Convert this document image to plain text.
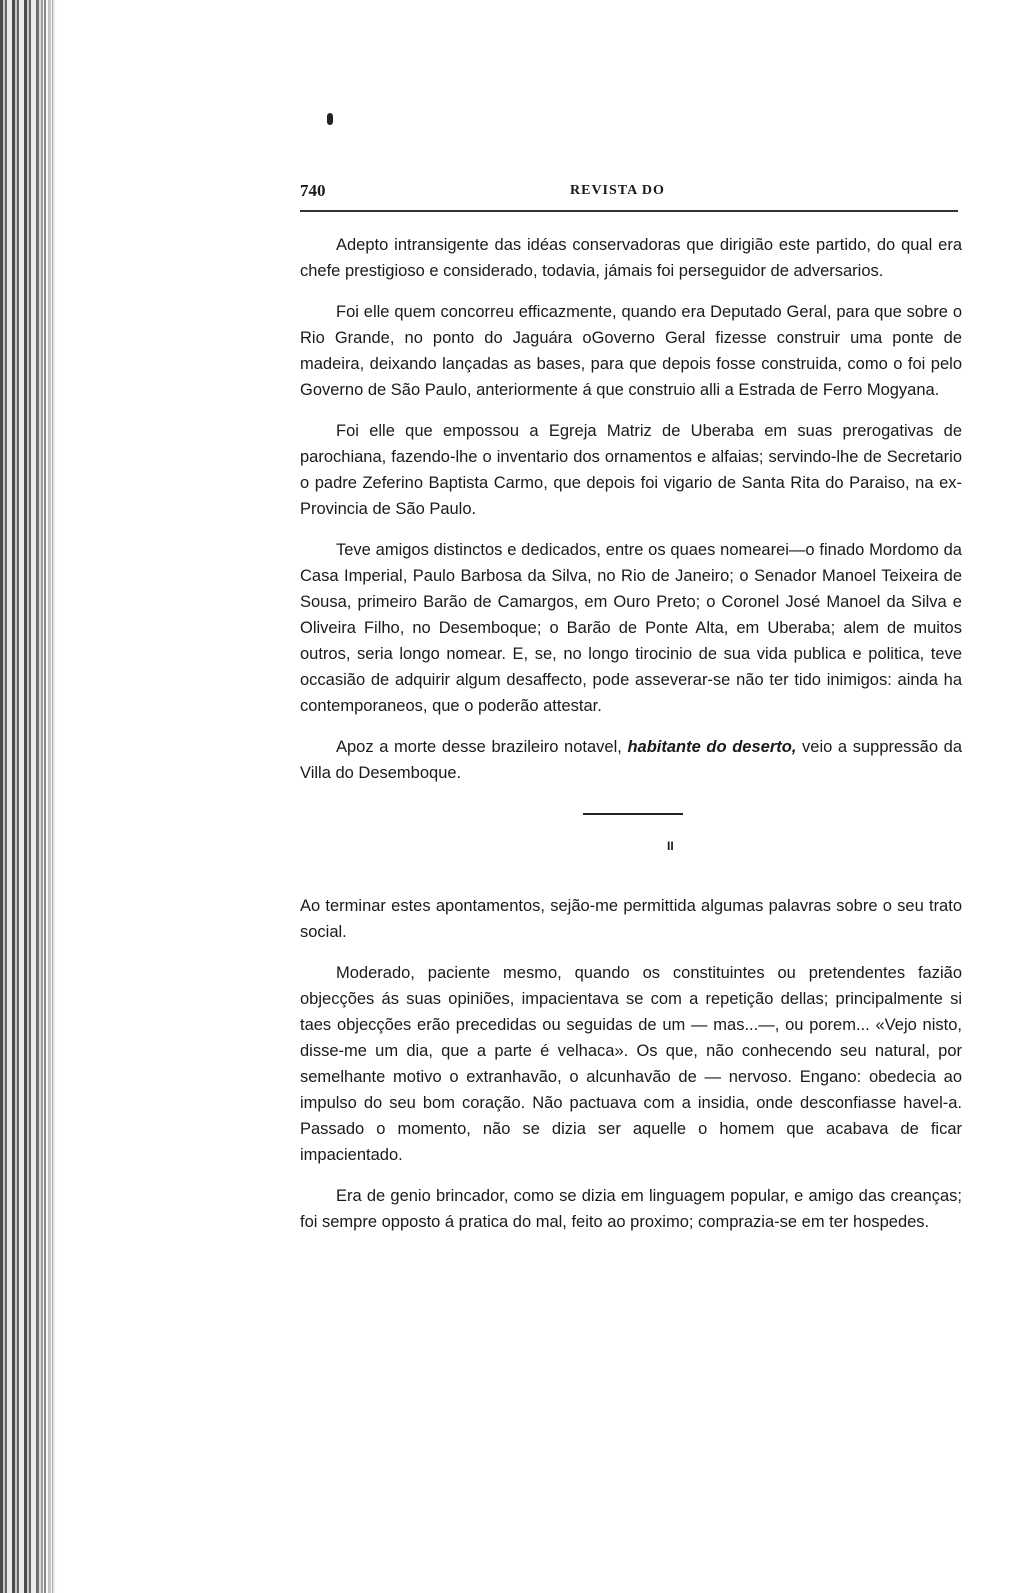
740	REVISTA DO

Adepto intransigente das idéas conservadoras que dirigião este partido, do qual era chefe prestigioso e considerado, todavia, jámais foi perseguidor de adversarios.

Foi elle quem concorreu efficazmente, quando era Deputado Geral, para que sobre o Rio Grande, no ponto do Jaguára oGoverno Geral fizesse construir uma ponte de madeira, deixando lançadas as bases, para que depois fosse construida, como o foi pelo Governo de São Paulo, anteriormente á que construio alli a Estrada de Ferro Mogyana.

Foi elle que empossou a Egreja Matriz de Uberaba em suas prerogativas de parochiana, fazendo-lhe o inventario dos ornamentos e alfaias; servindo-lhe de Secretario o padre Zeferino Baptista Carmo, que depois foi vigario de Santa Rita do Paraiso, na ex-Provincia de São Paulo.

Teve amigos distinctos e dedicados, entre os quaes nomearei—o finado Mordomo da Casa Imperial, Paulo Barbosa da Silva, no Rio de Janeiro; o Senador Manoel Teixeira de Sousa, primeiro Barão de Camargos, em Ouro Preto; o Coronel José Manoel da Silva e Oliveira Filho, no Desemboque; o Barão de Ponte Alta, em Uberaba; alem de muitos outros, seria longo nomear. E, se, no longo tirocinio de sua vida publica e politica, teve occasião de adquirir algum desaffecto, pode asseverar-se não ter tido inimigos: ainda ha contemporaneos, que o poderão attestar.

Apoz a morte desse brazileiro notavel, habitante do deserto, veio a suppressão da Villa do Desemboque.

II

Ao terminar estes apontamentos, sejão-me permittida algumas palavras sobre o seu trato social.

Moderado, paciente mesmo, quando os constituintes ou pretendentes fazião objecções ás suas opiniões, impacientava se com a repetição dellas; principalmente si taes objecções erão precedidas ou seguidas de um — mas...—, ou porem... «Vejo nisto, disse-me um dia, que a parte é velhaca». Os que, não conhecendo seu natural, por semelhante motivo o extranhavão, o alcunhavão de — nervoso. Engano: obedecia ao impulso do seu bom coração. Não pactuava com a insidia, onde desconfiasse havel-a. Passado o momento, não se dizia ser aquelle o homem que acabava de ficar impacientado.

Era de genio brincador, como se dizia em linguagem popular, e amigo das creanças; foi sempre opposto á pratica do mal, feito ao proximo; comprazia-se em ter hospedes.
